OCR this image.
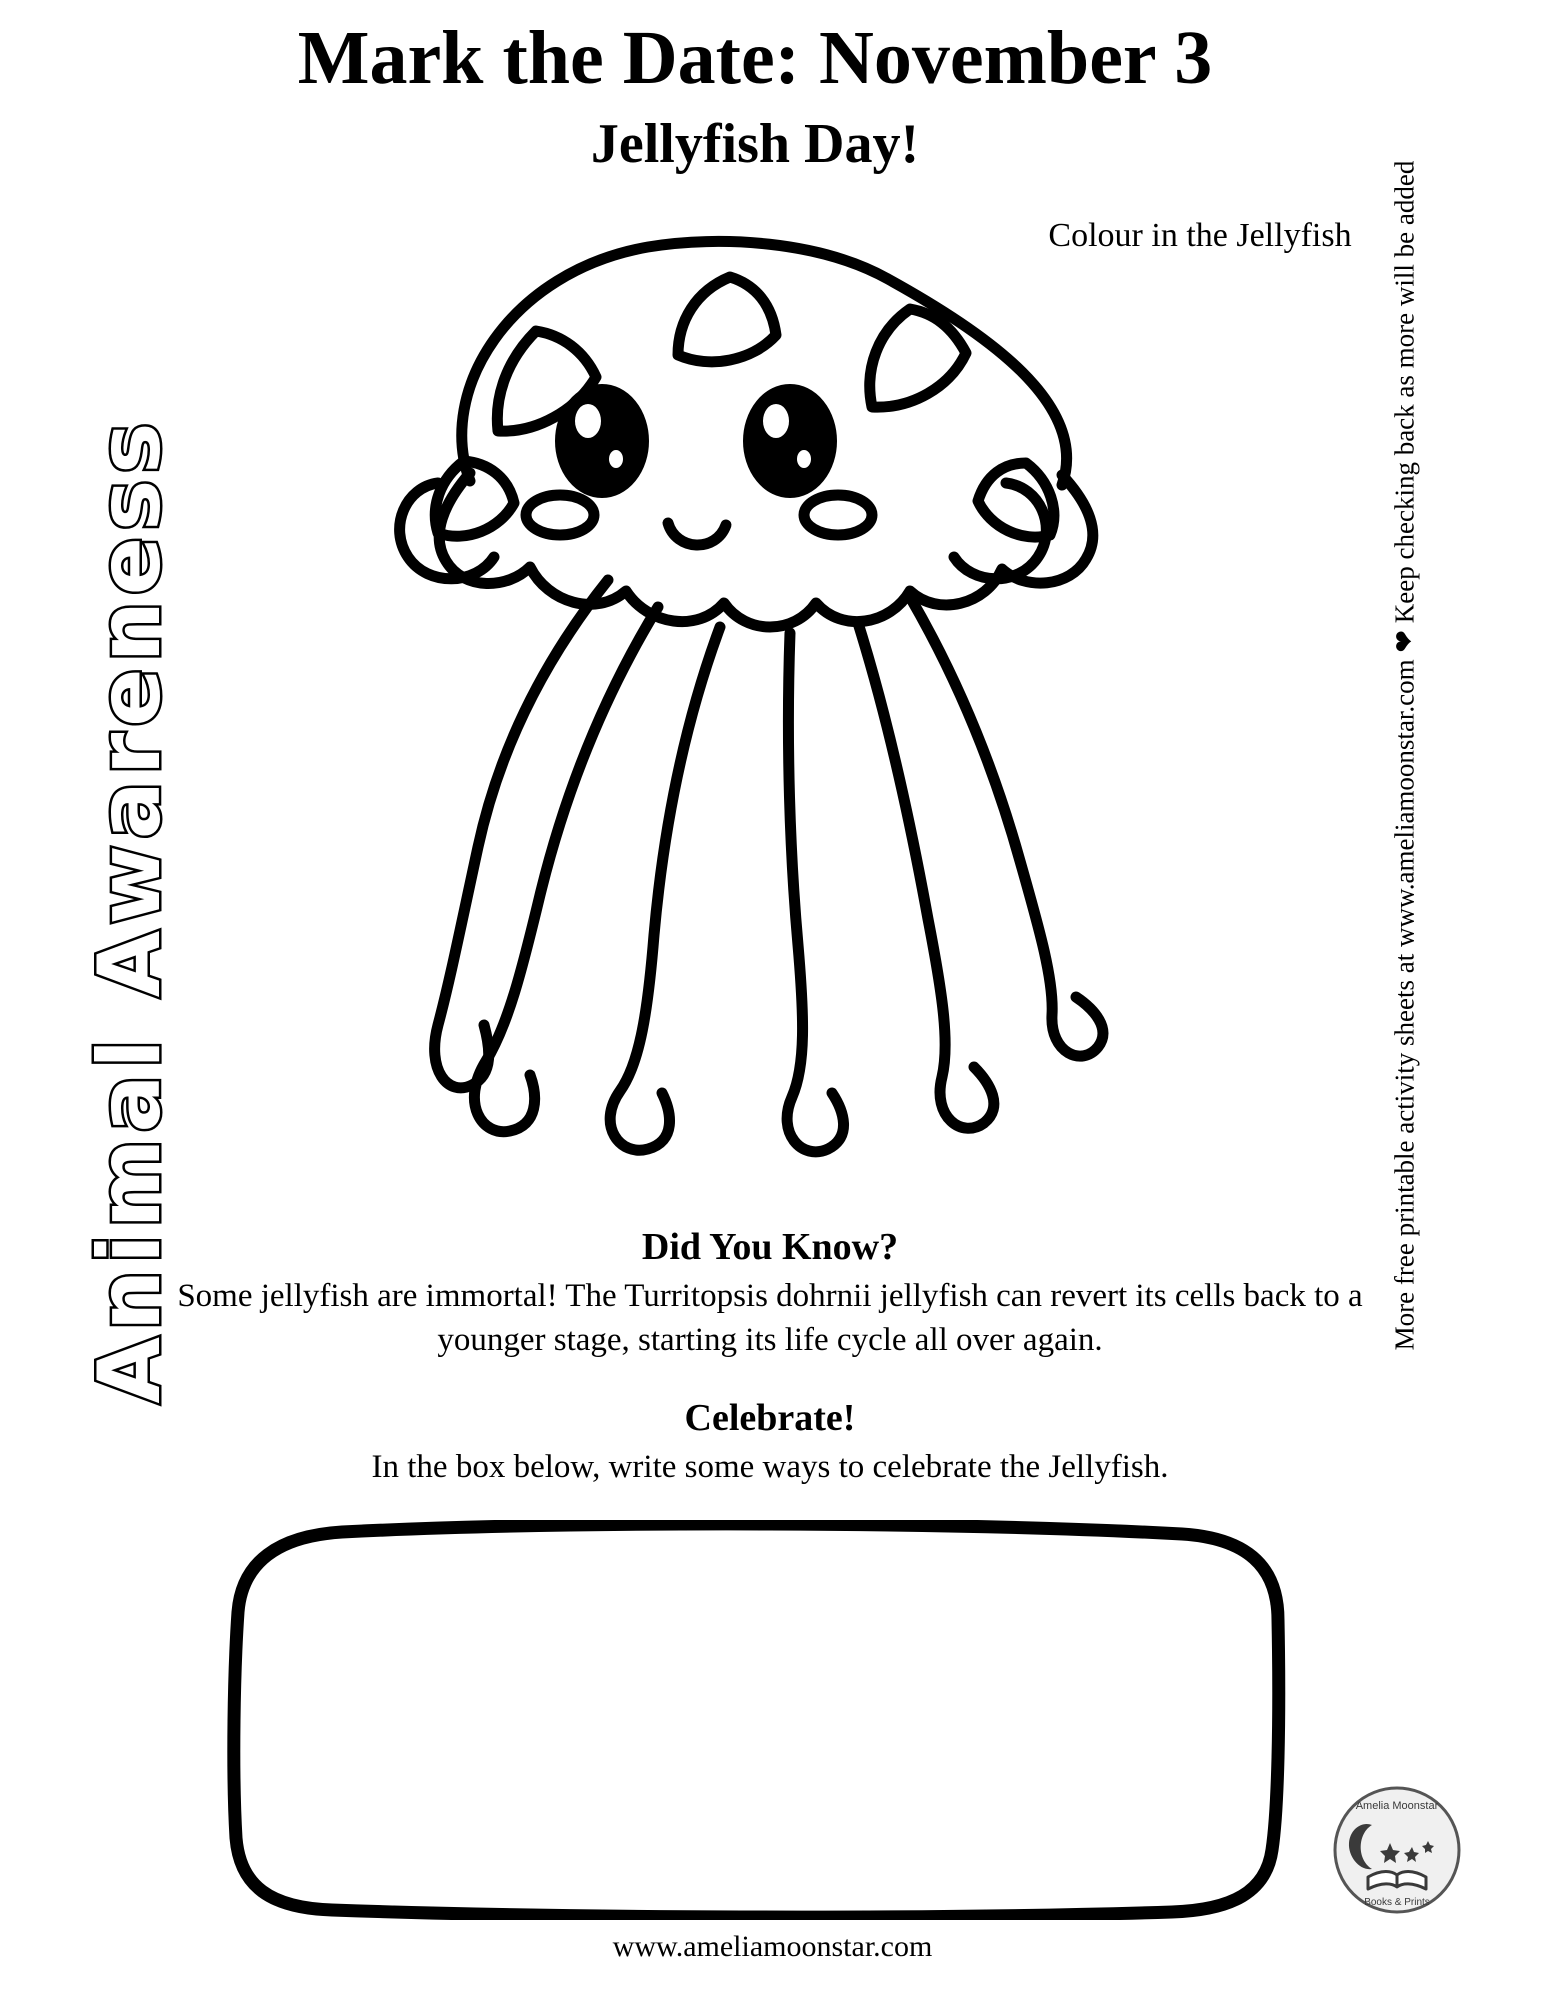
Animal Awareness	More free printable activity sheets at www.ameliamoonstar.com ❤ Keep checking back as more will be added
Mark the Date: November 3
Jellyfish Day!
Colour in the Jellyfish
Did You Know?

Some jellyfish are immortal! The Turritopsis dohrnii jellyfish can revert its cells back to a younger stage, starting its life cycle all over again.

Celebrate!

In the box below, write some ways to celebrate the Jellyfish.

Amelia Moonstar
Books & Prints
www.ameliamoonstar.com
